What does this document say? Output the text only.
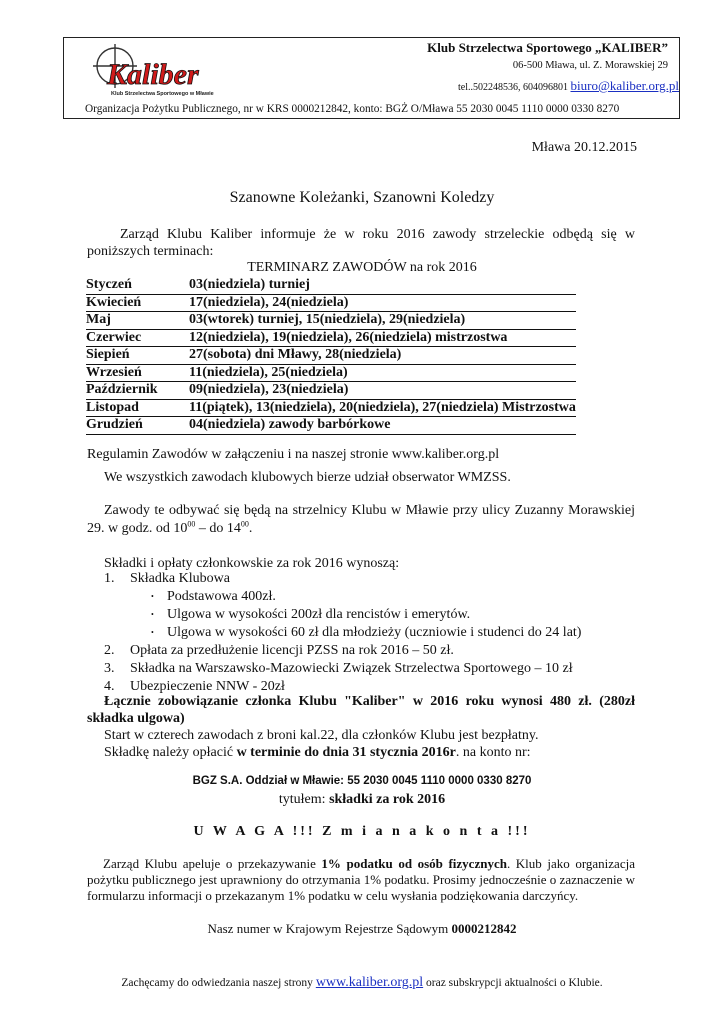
Kaliber
Klub Strzelectwa Sportowego w Mławie
Klub Strzelectwa Sportowego „KALIBER”
06-500 Mława, ul. Z. Morawskiej 29
tel..502248536, 604096801 biuro@kaliber.org.pl
Organizacja Pożytku Publicznego, nr w KRS 0000212842, konto: BGŻ O/Mława 55 2030 0045 1110 0000 0330 8270
Mława 20.12.2015
Szanowne Koleżanki, Szanowni Koledzy
Zarząd Klubu Kaliber informuje że w roku 2016 zawody strzeleckie odbędą się w poniższych terminach:
TERMINARZ ZAWODÓW na rok 2016
Styczeń	03(niedziela) turniej
Kwiecień	17(niedziela), 24(niedziela)
Maj	03(wtorek) turniej, 15(niedziela), 29(niedziela)
Czerwiec	12(niedziela), 19(niedziela), 26(niedziela) mistrzostwa
Siepień	27(sobota) dni Mławy, 28(niedziela)
Wrzesień	11(niedziela), 25(niedziela)
Październik	09(niedziela), 23(niedziela)
Listopad	11(piątek), 13(niedziela), 20(niedziela), 27(niedziela) Mistrzostwa
Grudzień	04(niedziela) zawody barbórkowe
Regulamin Zawodów w załączeniu i na naszej stronie www.kaliber.org.pl
We wszystkich zawodach klubowych bierze udział obserwator WMZSS.
Zawody te odbywać się będą na strzelnicy Klubu w Mławie przy ulicy Zuzanny Morawskiej 29. w godz. od $10^{00}$ – do $14^{00}$.
Składki i opłaty członkowskie za rok 2016 wynoszą:
1. Składka Klubowa
• Podstawowa 400zł.
• Ulgowa w wysokości 200zł dla rencistów i emerytów.
• Ulgowa w wysokości 60 zł dla młodzieży (uczniowie i studenci do 24 lat)
2. Opłata za przedłużenie licencji PZSS na rok 2016 – 50 zł.
3. Składka na Warszawsko-Mazowiecki Związek Strzelectwa Sportowego – 10 zł
4. Ubezpieczenie NNW - 20zł
Łącznie zobowiązanie członka Klubu "Kaliber" w 2016 roku wynosi 480 zł. (280zł składka ulgowa)
Start w czterech zawodach z broni kal.22, dla członków Klubu jest bezpłatny.
Składkę należy opłacić w terminie do dnia 31 stycznia 2016r. na konto nr:
BGZ S.A. Oddział w Mławie: 55 2030 0045 1110 0000 0330 8270
tytułem: składki za rok 2016
U W A G A !!! Z m i a n a k o n t a !!!
Zarząd Klubu apeluje o przekazywanie 1% podatku od osób fizycznych. Klub jako organizacja pożytku publicznego jest uprawniony do otrzymania 1% podatku. Prosimy jednocześnie o zaznaczenie w formularzu informacji o przekazanym 1% podatku w celu wysłania podziękowania darczyńcy.
Nasz numer w Krajowym Rejestrze Sądowym 0000212842
Zachęcamy do odwiedzania naszej strony www.kaliber.org.pl oraz subskrypcji aktualności o Klubie.
